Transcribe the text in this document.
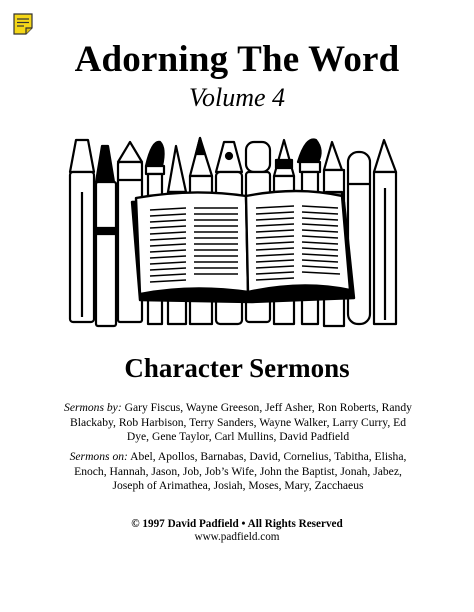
Adorning The Word
Volume 4
Character Sermons
Sermons by: Gary Fiscus, Wayne Greeson, Jeff Asher, Ron Roberts, Randy Blackaby, Rob Harbison, Terry Sanders, Wayne Walker, Larry Curry, Ed Dye, Gene Taylor, Carl Mullins, David Padfield
Sermons on: Abel, Apollos, Barnabas, David, Cornelius, Tabitha, Elisha, Enoch, Hannah, Jason, Job, Job’s Wife, John the Baptist, Jonah, Jabez, Joseph of Arimathea, Josiah, Moses, Mary, Zacchaeus
© 1997 David Padfield • All Rights Reserved
www.padfield.com
